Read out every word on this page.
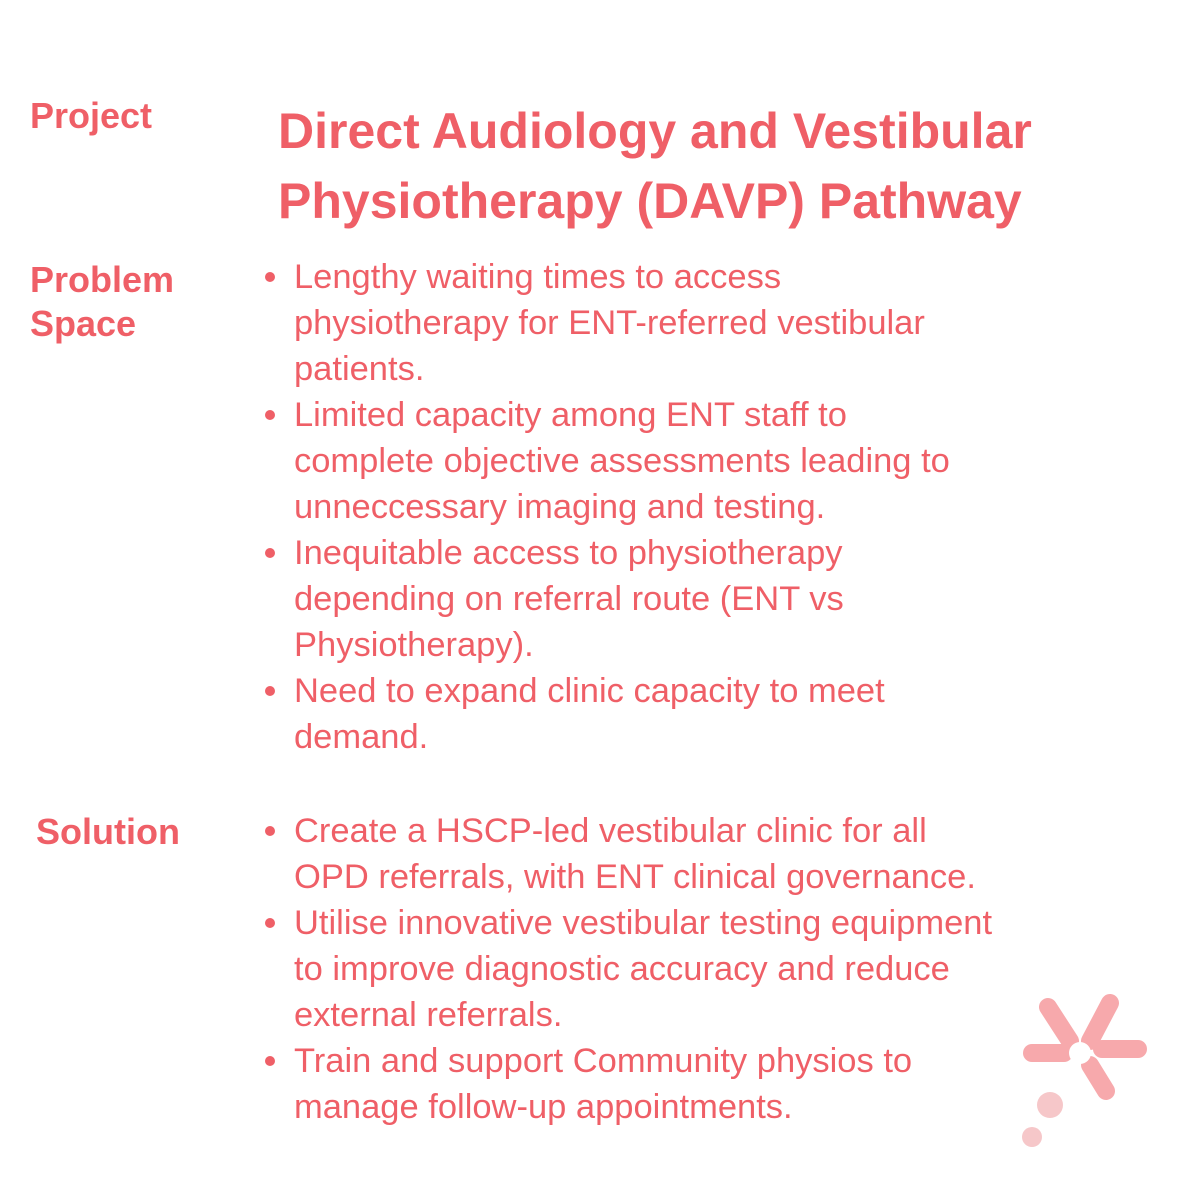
Project
Problem
Space
Solution
Direct Audiology and Vestibular
Physiotherapy (DAVP) Pathway
Lengthy waiting times to access
physiotherapy for ENT-referred vestibular
patients.
Limited capacity among ENT staff to
complete objective assessments leading to
unneccessary imaging and testing.
Inequitable access to physiotherapy
depending on referral route (ENT vs
Physiotherapy).
Need to expand clinic capacity to meet
demand.
Create a HSCP-led vestibular clinic for all
OPD referrals, with ENT clinical governance.
Utilise innovative vestibular testing equipment
to improve diagnostic accuracy and reduce
external referrals.
Train and support Community physios to
manage follow-up appointments.
